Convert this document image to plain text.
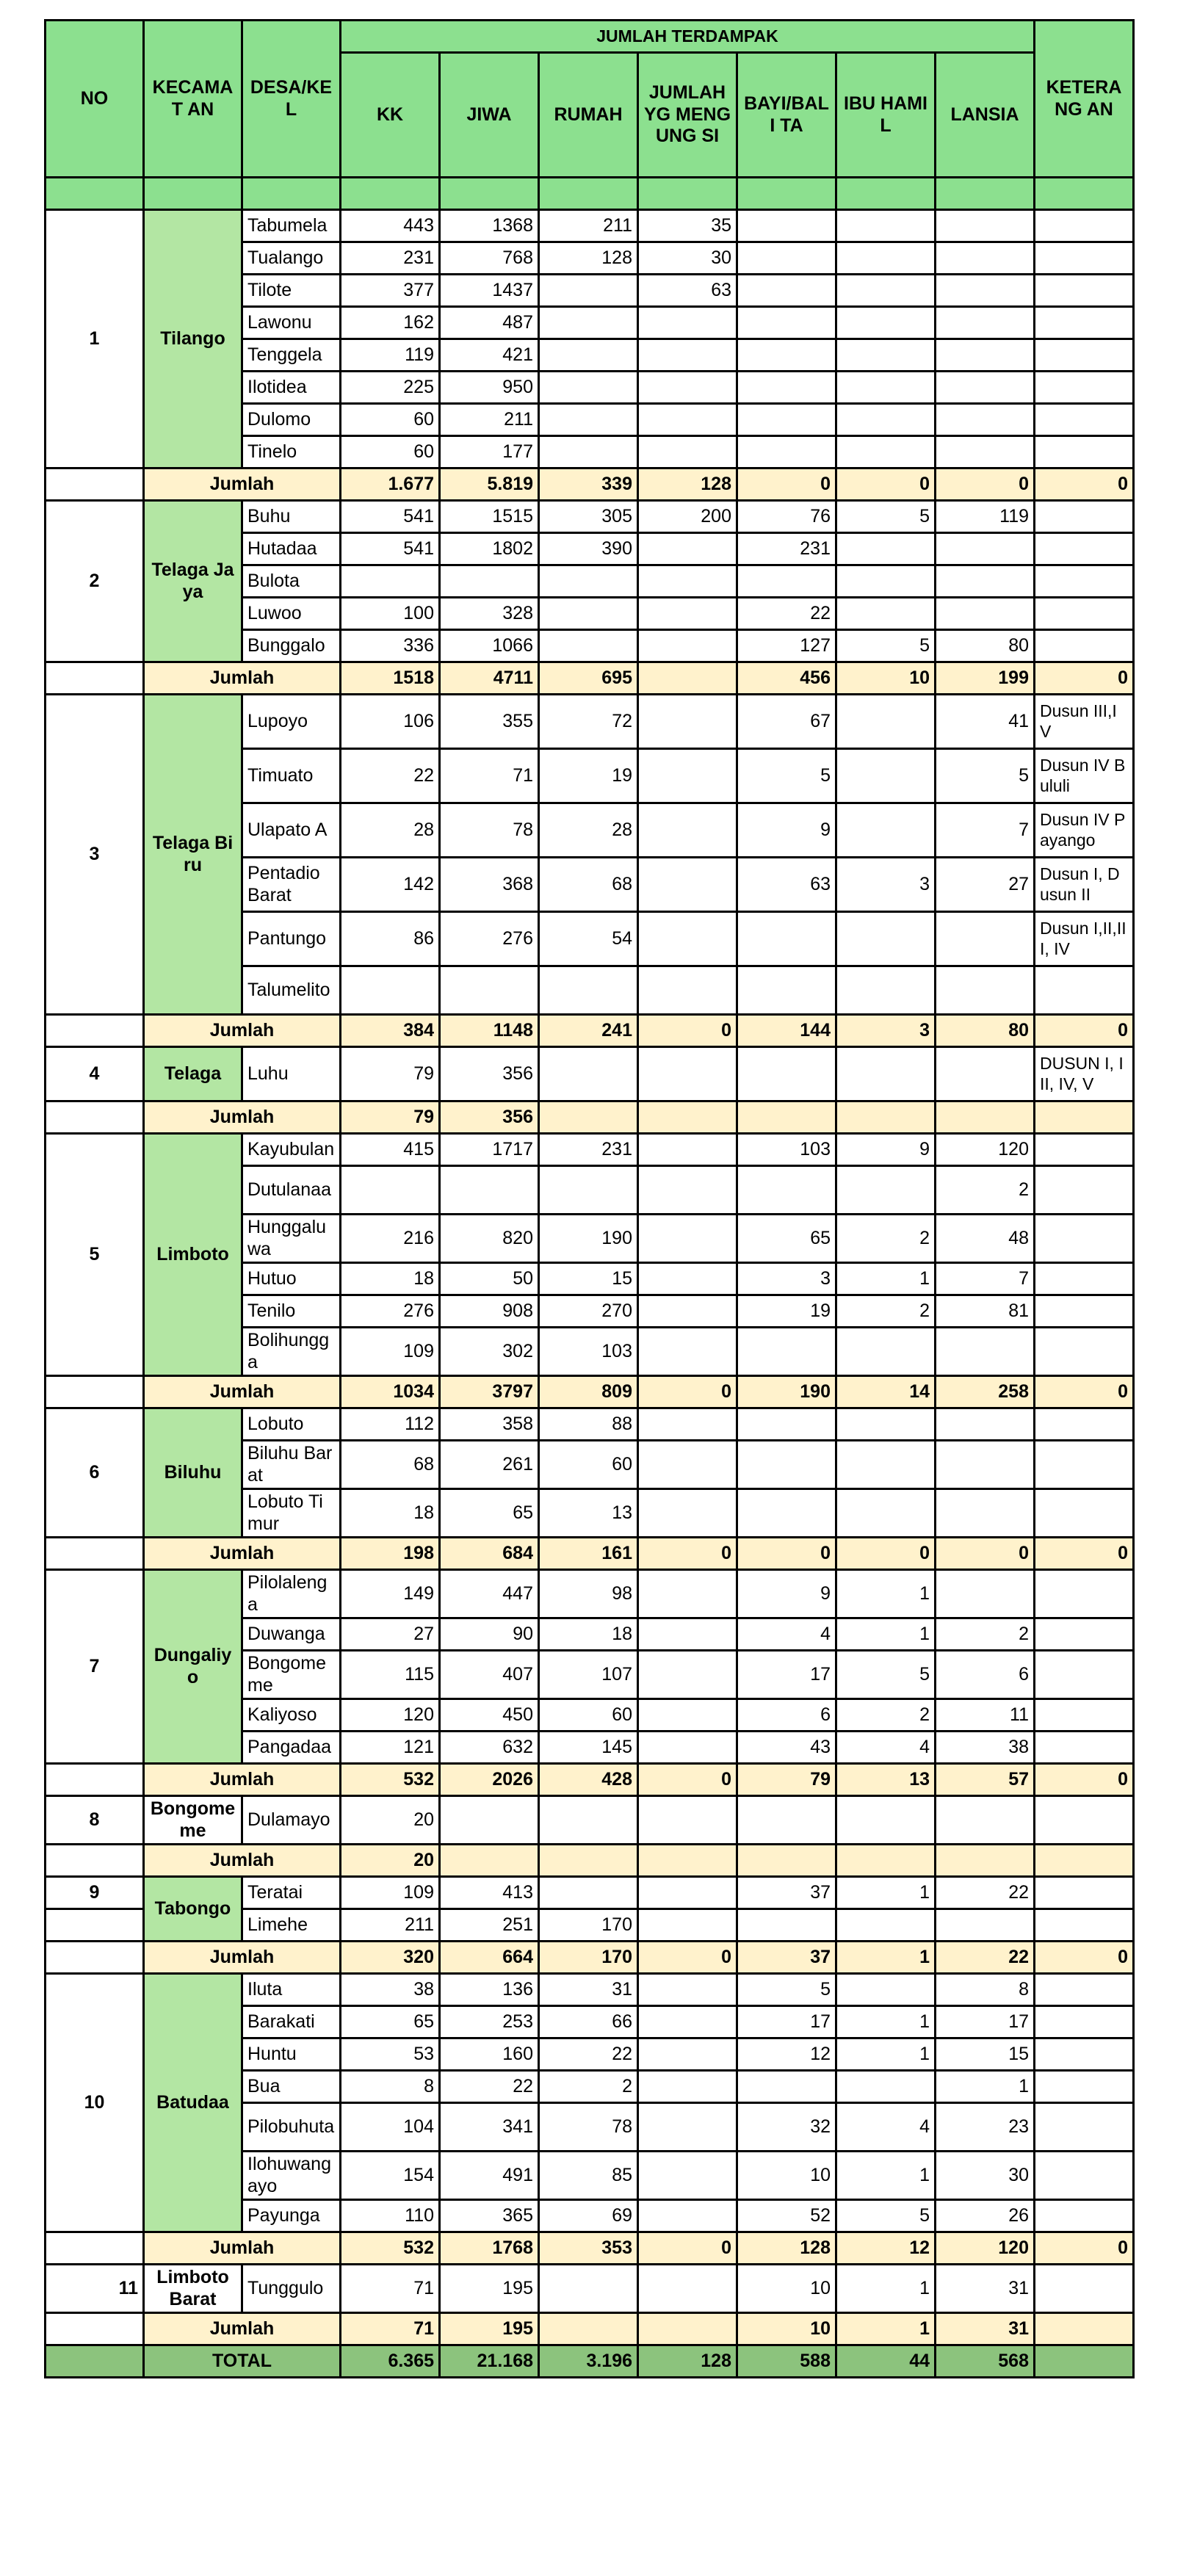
NO	KECAMAT AN	DESA/KEL	JUMLAH TERDAMPAK							KETERANG AN
			KK	JIWA	RUMAH	JUMLAH YG MENGUNG SI	BAYI/BALI TA	IBU HAMIL	LANSIA	

1	Tilango	Tabumela	443	1368	211	35				
		Tualango	231	768	128	30				
		Tilote	377	1437		63				
		Lawonu	162	487						
		Tenggela	119	421						
		Ilotidea	225	950						
		Dulomo	60	211						
		Tinelo	60	177						
	Jumlah		1.677	5.819	339	128	0	0	0	0
2	Telaga Jaya	Buhu	541	1515	305	200	76	5	119	
		Hutadaa	541	1802	390		231			
		Bulota								
		Luwoo	100	328			22			
		Bunggalo	336	1066			127	5	80	
	Jumlah		1518	4711	695		456	10	199	0
3	Telaga Biru	Lupoyo	106	355	72		67		41	Dusun III,IV
		Timuato	22	71	19		5		5	Dusun IV Bululi
		Ulapato A	28	78	28		9		7	Dusun IV Payango
		Pentadio Barat	142	368	68		63	3	27	Dusun I, Dusun II
		Pantungo	86	276	54					Dusun I,II,III, IV
		Talumelito								
	Jumlah		384	1148	241	0	144	3	80	0
4	Telaga	Luhu	79	356						DUSUN I, III, IV, V
	Jumlah		79	356						
5	Limboto	Kayubulan	415	1717	231		103	9	120	
		Dutulanaa							2	
		Hunggaluwa	216	820	190		65	2	48	
		Hutuo	18	50	15		3	1	7	
		Tenilo	276	908	270		19	2	81	
		Bolihungga	109	302	103					
	Jumlah		1034	3797	809	0	190	14	258	0
6	Biluhu	Lobuto	112	358	88					
		Biluhu Barat	68	261	60					
		Lobuto Timur	18	65	13					
	Jumlah		198	684	161	0	0	0	0	0
7	Dungaliyo	Pilolalenga	149	447	98		9	1		
		Duwanga	27	90	18		4	1	2	
		Bongomeme	115	407	107		17	5	6	
		Kaliyoso	120	450	60		6	2	11	
		Pangadaa	121	632	145		43	4	38	
	Jumlah		532	2026	428	0	79	13	57	0
8	Bongomeme	Dulamayo	20							
	Jumlah		20							
9	Tabongo	Teratai	109	413			37	1	22	
		Limehe	211	251	170					
	Jumlah		320	664	170	0	37	1	22	0
10	Batudaa	Iluta	38	136	31		5		8	
		Barakati	65	253	66		17	1	17	
		Huntu	53	160	22		12	1	15	
		Bua	8	22	2				1	
		Pilobuhuta	104	341	78		32	4	23	
		Ilohuwangayo	154	491	85		10	1	30	
		Payunga	110	365	69		52	5	26	
	Jumlah		532	1768	353	0	128	12	120	0
11	Limboto Barat	Tunggulo	71	195			10	1	31	
	Jumlah		71	195			10	1	31	
	TOTAL		6.365	21.168	3.196	128	588	44	568	
